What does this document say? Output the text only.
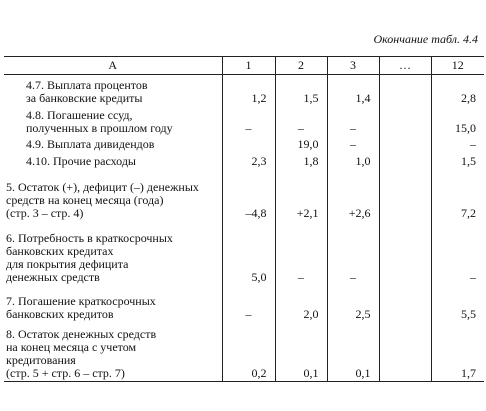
Окончание табл. 4.4
А	1	2	3	…	12
4.7. Выплата процентов
за банковские кредиты	1,2	1,5	1,4		2,8
4.8. Погашение ссуд,
полученных в прошлом году	–	–	–		15,0
4.9. Выплата дивидендов		19,0	–		–
4.10. Прочие расходы	2,3	1,8	1,0		1,5
5. Остаток (+), дефицит (–) денежных
средств на конец месяца (года)
(стр. 3 – стр. 4)	–4,8	+2,1	+2,6		7,2
6. Потребность в краткосрочных
банковских кредитах
для покрытия дефицита
денежных средств	5,0	–	–		–
7. Погашение краткосрочных
банковских кредитов	–	2,0	2,5		5,5
8. Остаток денежных средств
на конец месяца с учетом
кредитования
(стр. 5 + стр. 6 – стр. 7)	0,2	0,1	0,1		1,7
